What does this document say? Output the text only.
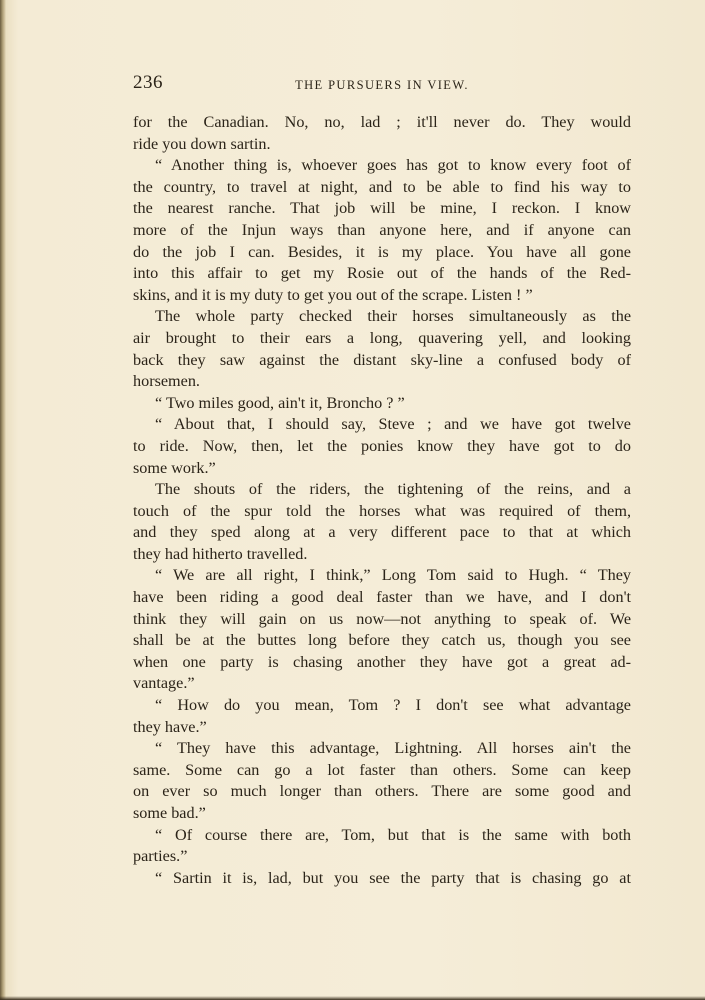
236	THE PURSUERS IN VIEW.
for the Canadian. No, no, lad ; it'll never do. They would
ride you down sartin.
“ Another thing is, whoever goes has got to know every foot of
the country, to travel at night, and to be able to find his way to
the nearest ranche. That job will be mine, I reckon. I know
more of the Injun ways than anyone here, and if anyone can
do the job I can. Besides, it is my place. You have all gone
into this affair to get my Rosie out of the hands of the Red-
skins, and it is my duty to get you out of the scrape. Listen ! ”
The whole party checked their horses simultaneously as the
air brought to their ears a long, quavering yell, and looking
back they saw against the distant sky-line a confused body of
horsemen.
“ Two miles good, ain't it, Broncho ? ”
“ About that, I should say, Steve ; and we have got twelve
to ride. Now, then, let the ponies know they have got to do
some work.”
The shouts of the riders, the tightening of the reins, and a
touch of the spur told the horses what was required of them,
and they sped along at a very different pace to that at which
they had hitherto travelled.
“ We are all right, I think,” Long Tom said to Hugh. “ They
have been riding a good deal faster than we have, and I don't
think they will gain on us now—not anything to speak of. We
shall be at the buttes long before they catch us, though you see
when one party is chasing another they have got a great ad-
vantage.”
“ How do you mean, Tom ? I don't see what advantage
they have.”
“ They have this advantage, Lightning. All horses ain't the
same. Some can go a lot faster than others. Some can keep
on ever so much longer than others. There are some good and
some bad.”
“ Of course there are, Tom, but that is the same with both
parties.”
“ Sartin it is, lad, but you see the party that is chasing go at
